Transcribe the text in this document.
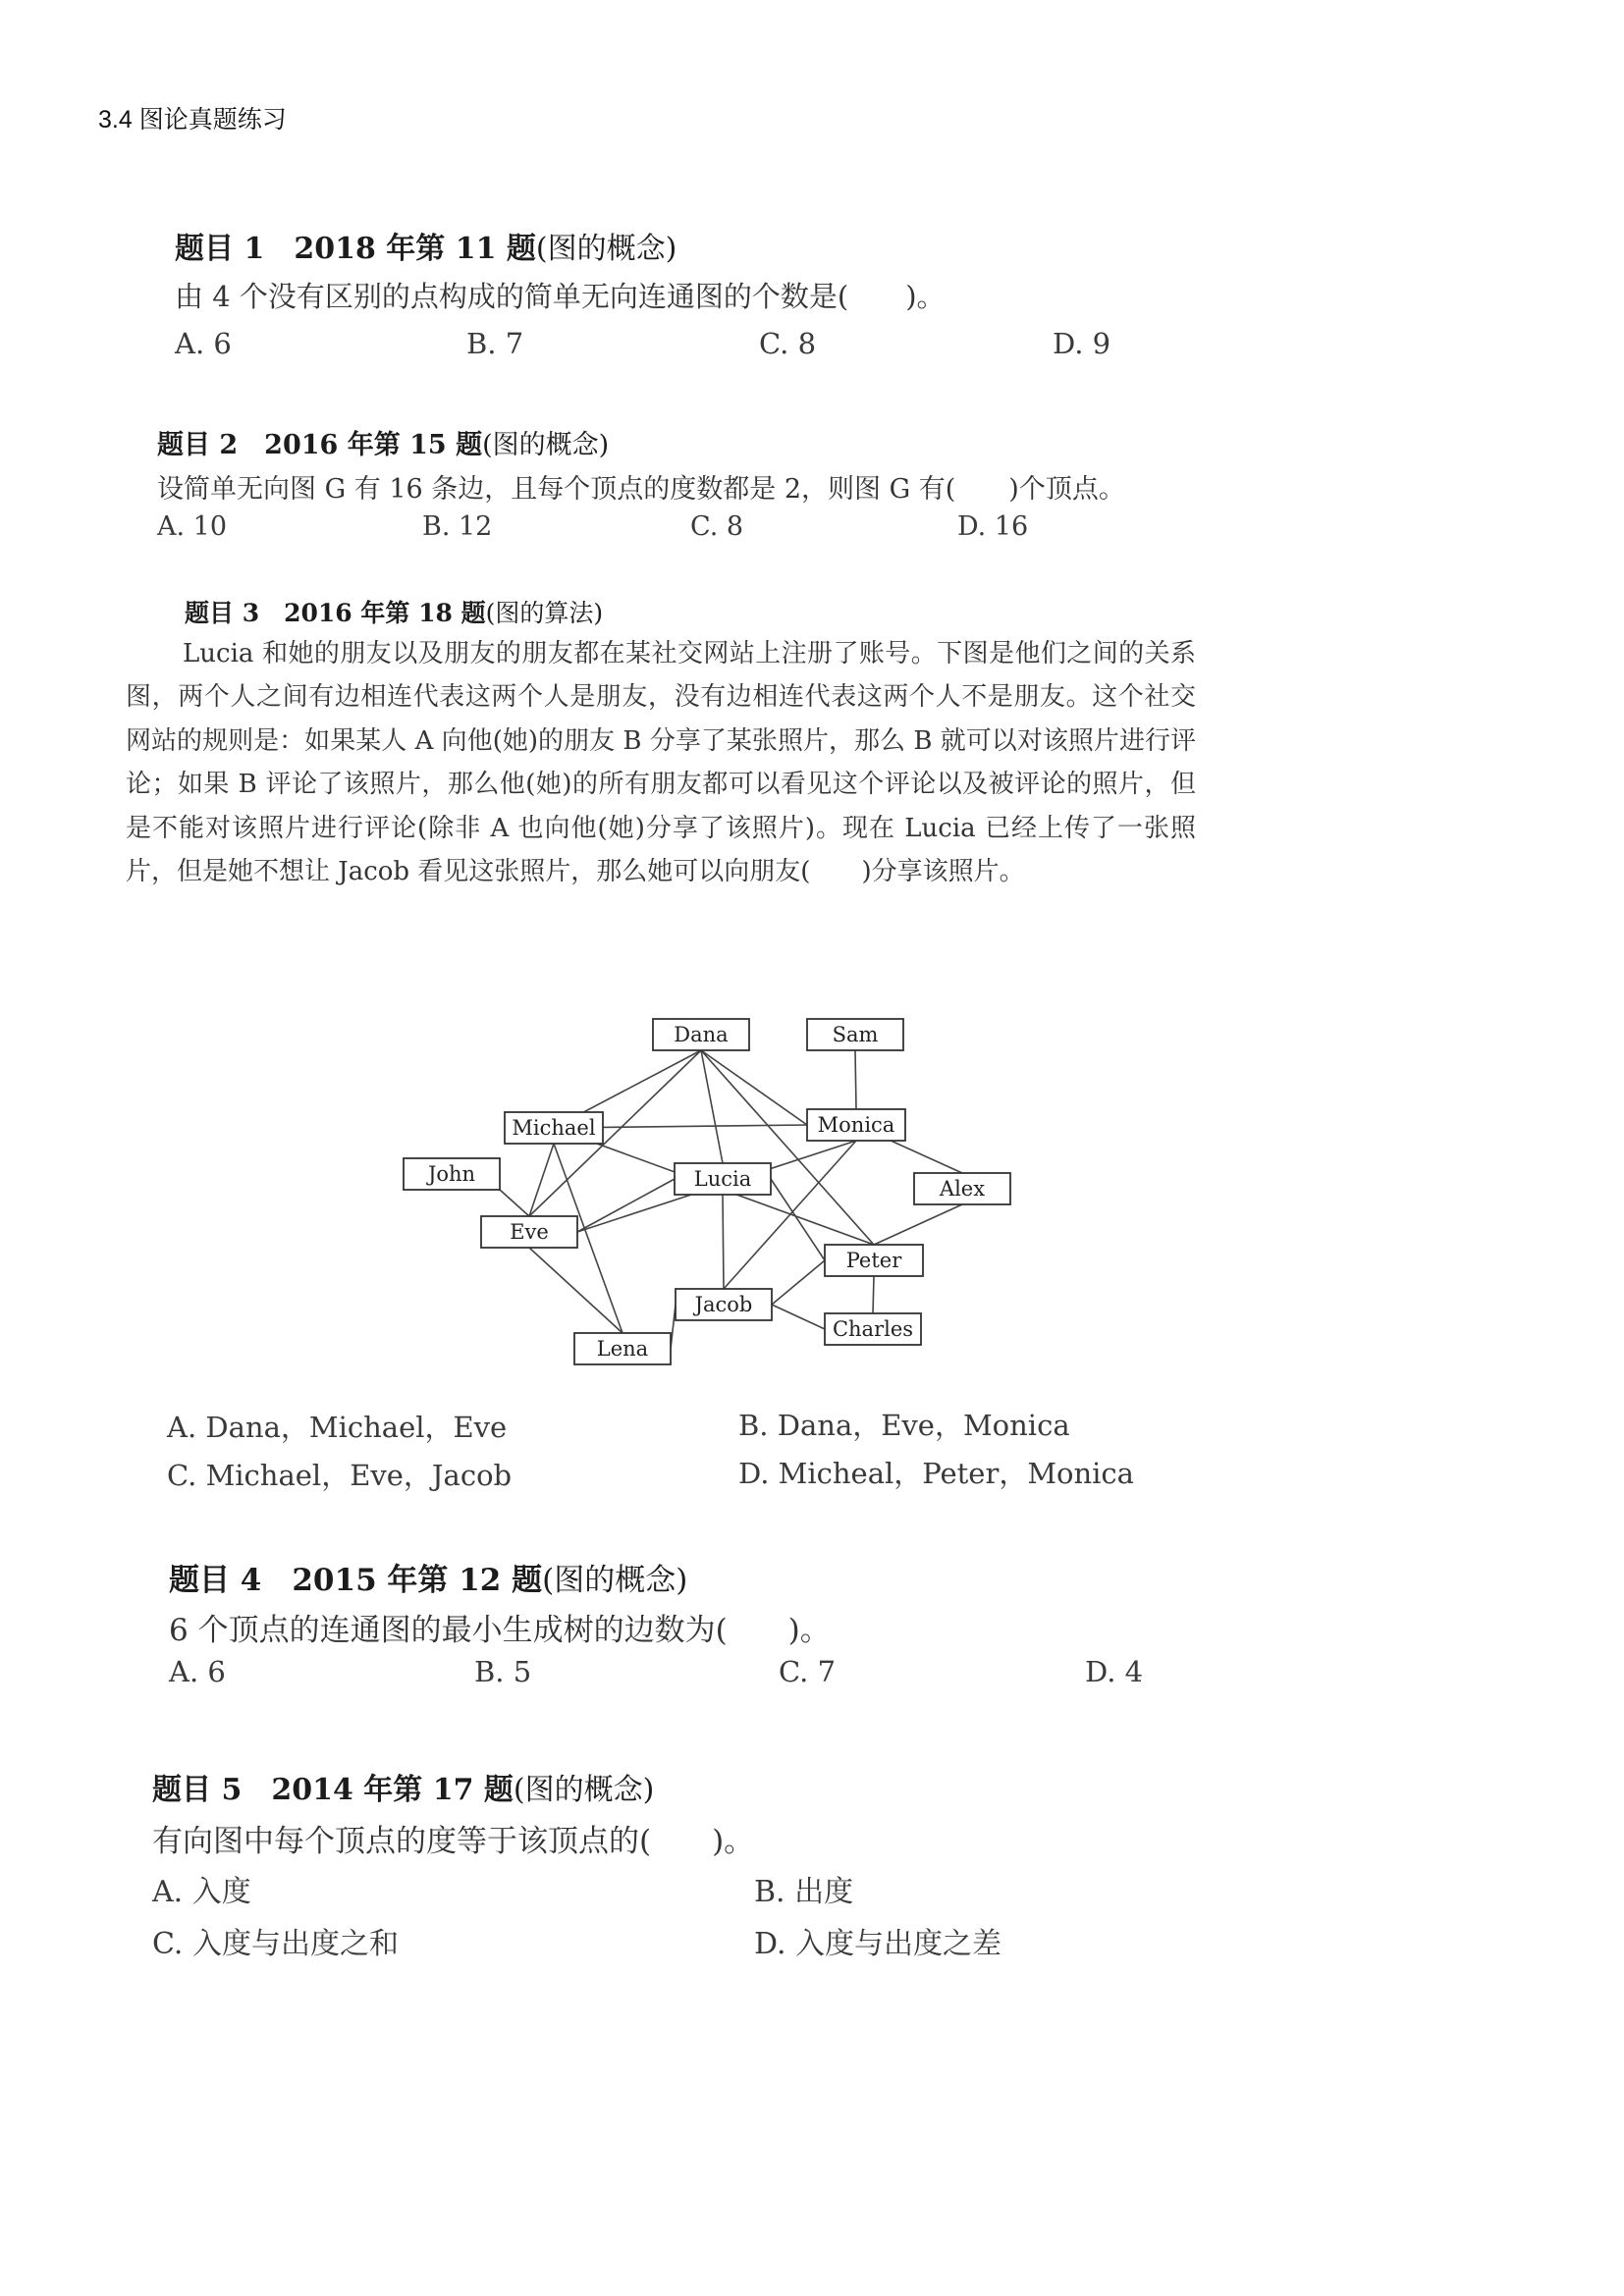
3.4 图论真题练习
题目 1　2018 年第 11 题(图的概念)
由 4 个没有区别的点构成的简单无向连通图的个数是(　　)。
A. 6	B. 7	C. 8	D. 9
题目 2　2016 年第 15 题(图的概念)
设简单无向图 G 有 16 条边，且每个顶点的度数都是 2，则图 G 有(　　)个顶点。
A. 10	B. 12	C. 8	D. 16
题目 3　2016 年第 18 题(图的算法)
Lucia 和她的朋友以及朋友的朋友都在某社交网站上注册了账号。下图是他们之间的关系图，两个人之间有边相连代表这两个人是朋友，没有边相连代表这两个人不是朋友。这个社交网站的规则是：如果某人 A 向他(她)的朋友 B 分享了某张照片，那么 B 就可以对该照片进行评论；如果 B 评论了该照片，那么他(她)的所有朋友都可以看见这个评论以及被评论的照片，但是不能对该照片进行评论(除非 A 也向他(她)分享了该照片)。现在 Lucia 已经上传了一张照片，但是她不想让 Jacob 看见这张照片，那么她可以向朋友(　　)分享该照片。
Dana	Sam
Michael	Monica
John	Lucia	Alex
Eve
Peter
Jacob
Charles
Lena
A. Dana，Michael，Eve	B. Dana，Eve，Monica
C. Michael，Eve，Jacob	D. Micheal，Peter，Monica
题目 4　2015 年第 12 题(图的概念)
6 个顶点的连通图的最小生成树的边数为(　　)。
A. 6	B. 5	C. 7	D. 4
题目 5　2014 年第 17 题(图的概念)
有向图中每个顶点的度等于该顶点的(　　)。
A. 入度	B. 出度
C. 入度与出度之和	D. 入度与出度之差
